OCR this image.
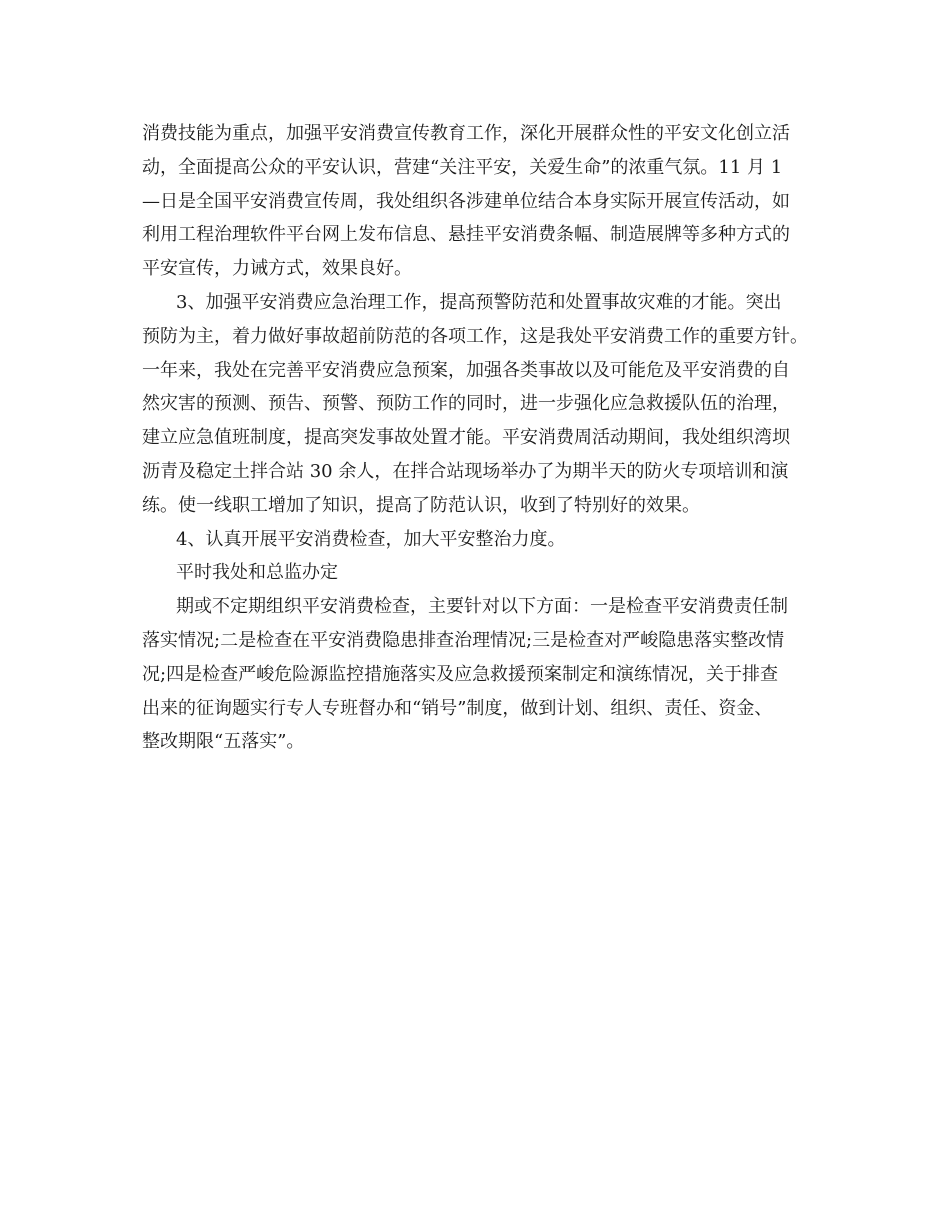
消费技能为重点，加强平安消费宣传教育工作，深化开展群众性的平安文化创立活
动，全面提高公众的平安认识，营建“关注平安，关爱生命”的浓重气氛。11 月 1
—日是全国平安消费宣传周，我处组织各涉建单位结合本身实际开展宣传活动，如
利用工程治理软件平台网上发布信息、悬挂平安消费条幅、制造展牌等多种方式的
平安宣传，力诫方式，效果良好。
3、加强平安消费应急治理工作，提高预警防范和处置事故灾难的才能。突出
预防为主，着力做好事故超前防范的各项工作，这是我处平安消费工作的重要方针。
一年来，我处在完善平安消费应急预案，加强各类事故以及可能危及平安消费的自
然灾害的预测、预告、预警、预防工作的同时，进一步强化应急救援队伍的治理，
建立应急值班制度，提高突发事故处置才能。平安消费周活动期间，我处组织湾坝
沥青及稳定土拌合站 30 余人，在拌合站现场举办了为期半天的防火专项培训和演
练。使一线职工增加了知识，提高了防范认识，收到了特别好的效果。
4、认真开展平安消费检查，加大平安整治力度。
平时我处和总监办定
期或不定期组织平安消费检查，主要针对以下方面：一是检查平安消费责任制
落实情况;二是检查在平安消费隐患排查治理情况;三是检查对严峻隐患落实整改情
况;四是检查严峻危险源监控措施落实及应急救援预案制定和演练情况，关于排查
出来的征询题实行专人专班督办和“销号”制度，做到计划、组织、责任、资金、
整改期限“五落实”。
